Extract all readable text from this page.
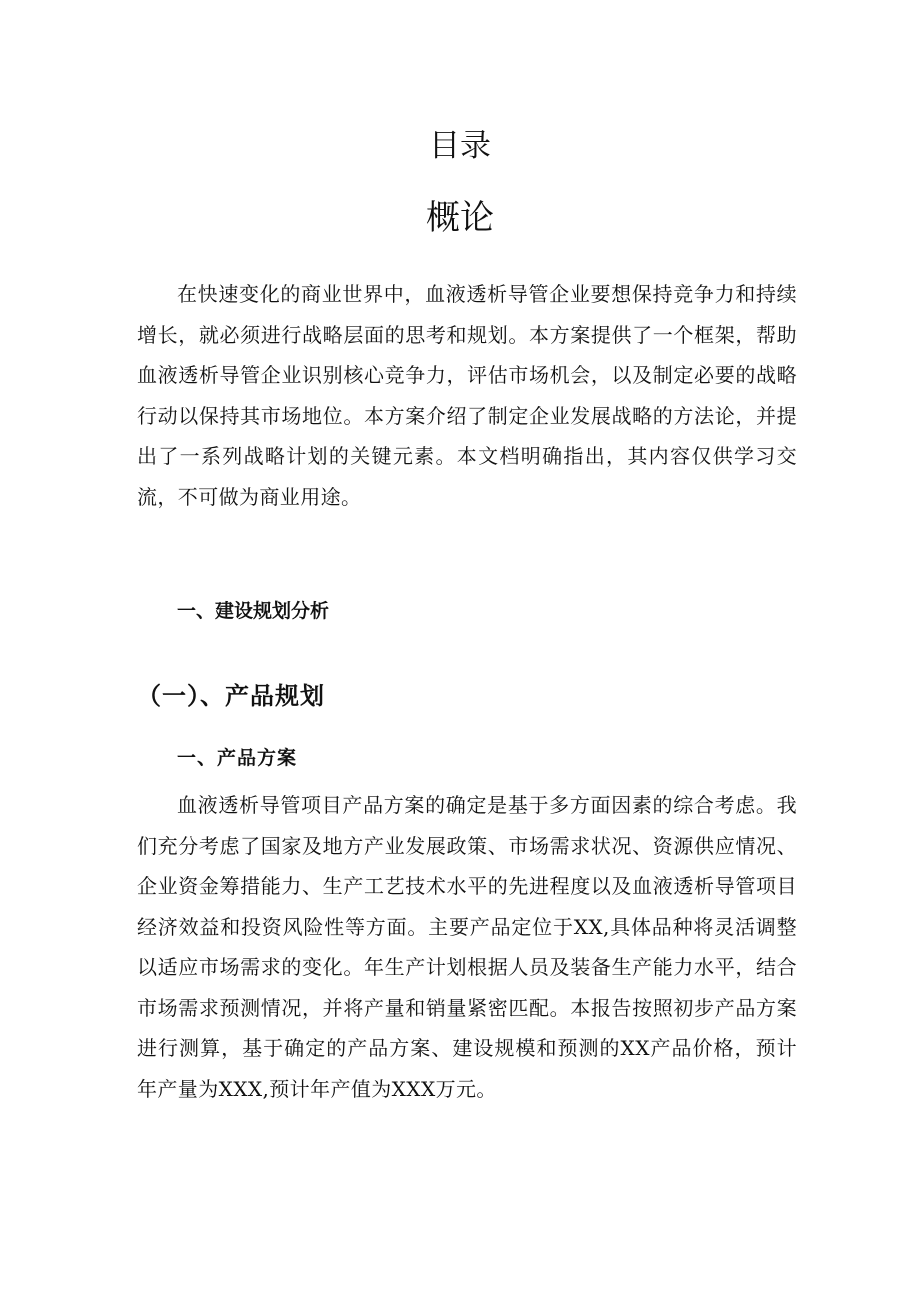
目录
概论

在快速变化的商业世界中，血液透析导管企业要想保持竞争力和持续增长，就必须进行战略层面的思考和规划。本方案提供了一个框架，帮助血液透析导管企业识别核心竞争力，评估市场机会，以及制定必要的战略行动以保持其市场地位。本方案介绍了制定企业发展战略的方法论，并提出了一系列战略计划的关键元素。本文档明确指出，其内容仅供学习交流，不可做为商业用途。

一、建设规划分析
（一）、产品规划
一、产品方案

血液透析导管项目产品方案的确定是基于多方面因素的综合考虑。我们充分考虑了国家及地方产业发展政策、市场需求状况、资源供应情况、企业资金筹措能力、生产工艺技术水平的先进程度以及血液透析导管项目经济效益和投资风险性等方面。主要产品定位于XX,具体品种将灵活调整以适应市场需求的变化。年生产计划根据人员及装备生产能力水平，结合市场需求预测情况，并将产量和销量紧密匹配。本报告按照初步产品方案进行测算，基于确定的产品方案、建设规模和预测的XX产品价格，预计年产量为XXX,预计年产值为XXX万元。
